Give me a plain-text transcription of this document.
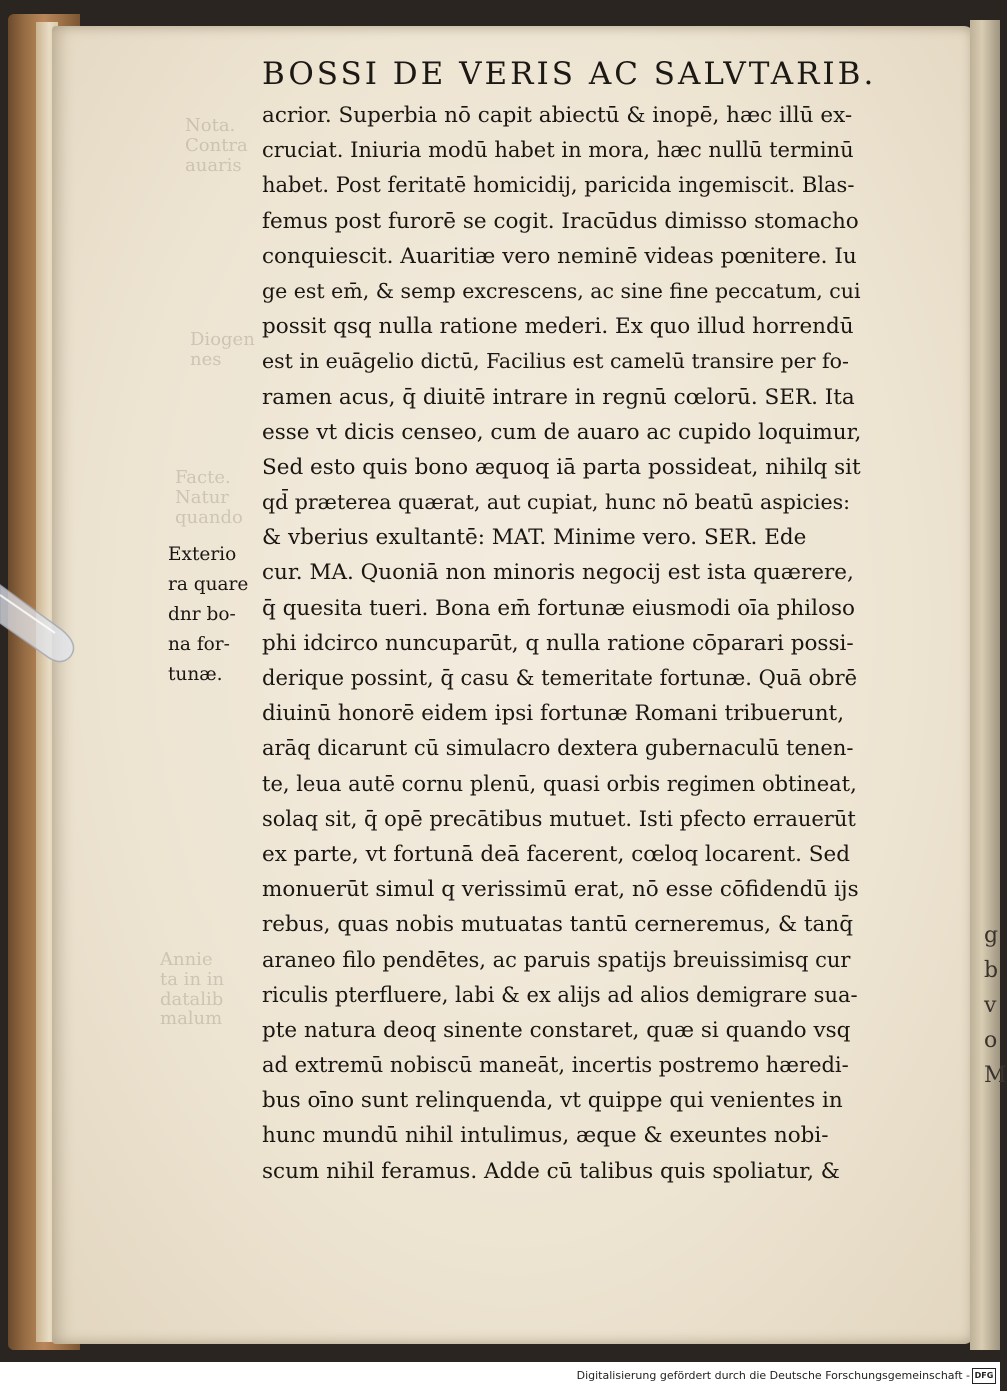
g
b
v
o
M
Nota.
Contra
auaris
Diogen
nes
Facte.
Natur
quando
Annie
ta in in
datalib
malum
BOSSI DE VERIS AC SALVTARIB.
acrior. Superbia nō capit abiectū & inopē, hæc illū ex-
cruciat. Iniuria modū habet in mora, hæc nullū terminū
habet. Post feritatē homicidij, paricida ingemiscit. Blas-
femus post furorē se cogit. Iracūdus dimisso stomacho
conquiescit. Auaritiæ vero neminē videas pœnitere. Iu
ge est em̄, & semp excrescens, ac sine fine peccatum, cui
possit qsq nulla ratione mederi. Ex quo illud horrendū
est in euāgelio dictū, Facilius est camelū transire per fo-
ramen acus, q̄ diuitē intrare in regnū cœlorū. SER. Ita
esse vt dicis censeo, cum de auaro ac cupido loquimur,
Sed esto quis bono æquoq iā parta possideat, nihilq sit
qd̄ præterea quærat, aut cupiat, hunc nō beatū aspicies:
& vberius exultantē: MAT. Minime vero. SER. Ede
cur. MA. Quoniā non minoris negocij est ista quærere,
q̄ quesita tueri. Bona em̄ fortunæ eiusmodi oīa philoso
phi idcirco nuncuparūt, q nulla ratione cōparari possi-
derique possint, q̄ casu & temeritate fortunæ. Quā obrē
diuinū honorē eidem ipsi fortunæ Romani tribuerunt,
arāq dicarunt cū simulacro dextera gubernaculū tenen-
te, leua autē cornu plenū, quasi orbis regimen obtineat,
solaq sit, q̄ opē precātibus mutuet. Isti pfecto errauerūt
ex parte, vt fortunā deā facerent, cœloq locarent. Sed
monuerūt simul q verissimū erat, nō esse cōfidendū ijs
rebus, quas nobis mutuatas tantū cerneremus, & tanq̄
araneo filo pendētes, ac paruis spatijs breuissimisq cur
riculis pterfluere, labi & ex alijs ad alios demigrare sua-
pte natura deoq sinente constaret, quæ si quando vsq
ad extremū nobiscū maneāt, incertis postremo hæredi-
bus oīno sunt relinquenda, vt quippe qui venientes in
hunc mundū nihil intulimus, æque & exeuntes nobi-
scum nihil feramus. Adde cū talibus quis spoliatur, &
Exterio
ra quare
dnr bo-
na for-
tunæ.
Digitalisierung gefördert durch die Deutsche Forschungsgemeinschaft - DFG
